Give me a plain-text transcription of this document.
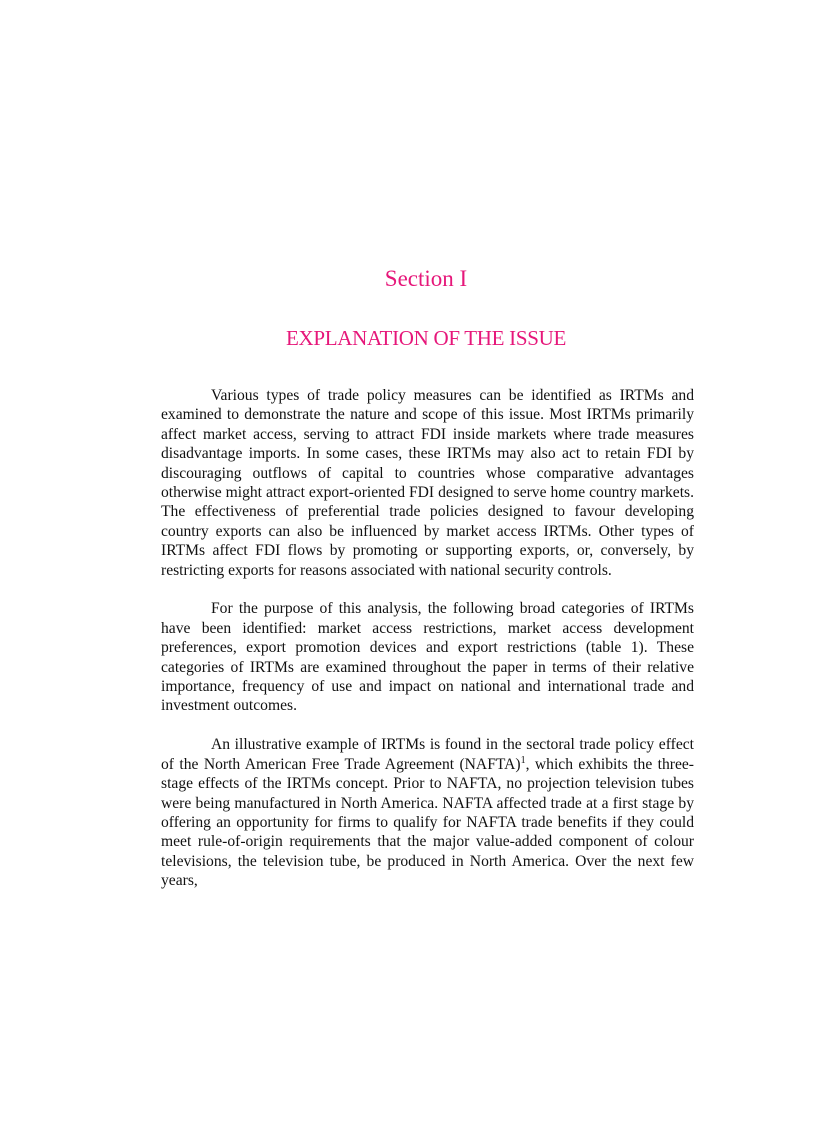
Section I
EXPLANATION OF THE ISSUE

Various types of trade policy measures can be identified as IRTMs and examined to demonstrate the nature and scope of this issue. Most IRTMs primarily affect market access, serving to attract FDI inside markets where trade measures disadvantage imports. In some cases, these IRTMs may also act to retain FDI by discouraging outflows of capital to countries whose comparative advantages otherwise might attract export-oriented FDI designed to serve home country markets. The effectiveness of preferential trade policies designed to favour developing country exports can also be influenced by market access IRTMs. Other types of IRTMs affect FDI flows by promoting or supporting exports, or, conversely, by restricting exports for reasons associated with national security controls.

For the purpose of this analysis, the following broad categories of IRTMs have been identified: market access restrictions, market access development preferences, export promotion devices and export restrictions (table 1). These categories of IRTMs are examined throughout the paper in terms of their relative importance, frequency of use and impact on national and international trade and investment outcomes.

An illustrative example of IRTMs is found in the sectoral trade policy effect of the North American Free Trade Agreement (NAFTA)$^1$, which exhibits the three-stage effects of the IRTMs concept. Prior to NAFTA, no projection television tubes were being manufactured in North America. NAFTA affected trade at a first stage by offering an opportunity for firms to qualify for NAFTA trade benefits if they could meet rule-of-origin requirements that the major value-added component of colour televisions, the television tube, be produced in North America. Over the next few years,
